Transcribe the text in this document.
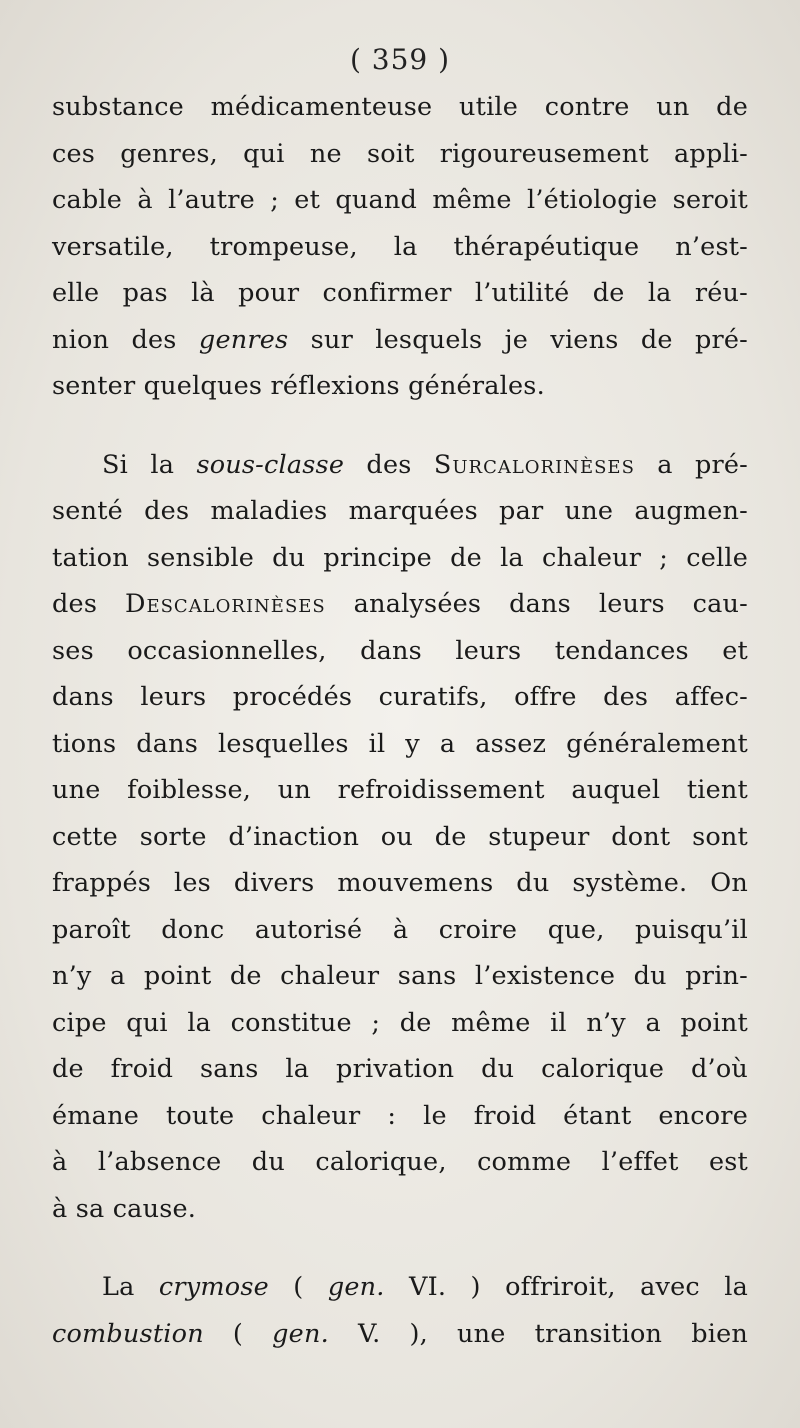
( 359 )
substance médicamenteuse utile contre un de
ces genres, qui ne soit rigoureusement appli-
cable à l’autre ; et quand même l’étiologie seroit
versatile, trompeuse, la thérapéutique n’est-
elle pas là pour confirmer l’utilité de la réu-
nion des genres sur lesquels je viens de pré-
senter quelques réflexions générales.
Si la sous-classe des Surcalorinèses a pré-
senté des maladies marquées par une augmen-
tation sensible du principe de la chaleur ; celle
des Descalorinèses analysées dans leurs cau-
ses occasionnelles, dans leurs tendances et
dans leurs procédés curatifs, offre des affec-
tions dans lesquelles il y a assez généralement
une foiblesse, un refroidissement auquel tient
cette sorte d’inaction ou de stupeur dont sont
frappés les divers mouvemens du système. On
paroît donc autorisé à croire que, puisqu’il
n’y a point de chaleur sans l’existence du prin-
cipe qui la constitue ; de même il n’y a point
de froid sans la privation du calorique d’où
émane toute chaleur : le froid étant encore
à l’absence du calorique, comme l’effet est
à sa cause.
La crymose ( gen. VI. ) offriroit, avec la
combustion ( gen. V. ), une transition bien
